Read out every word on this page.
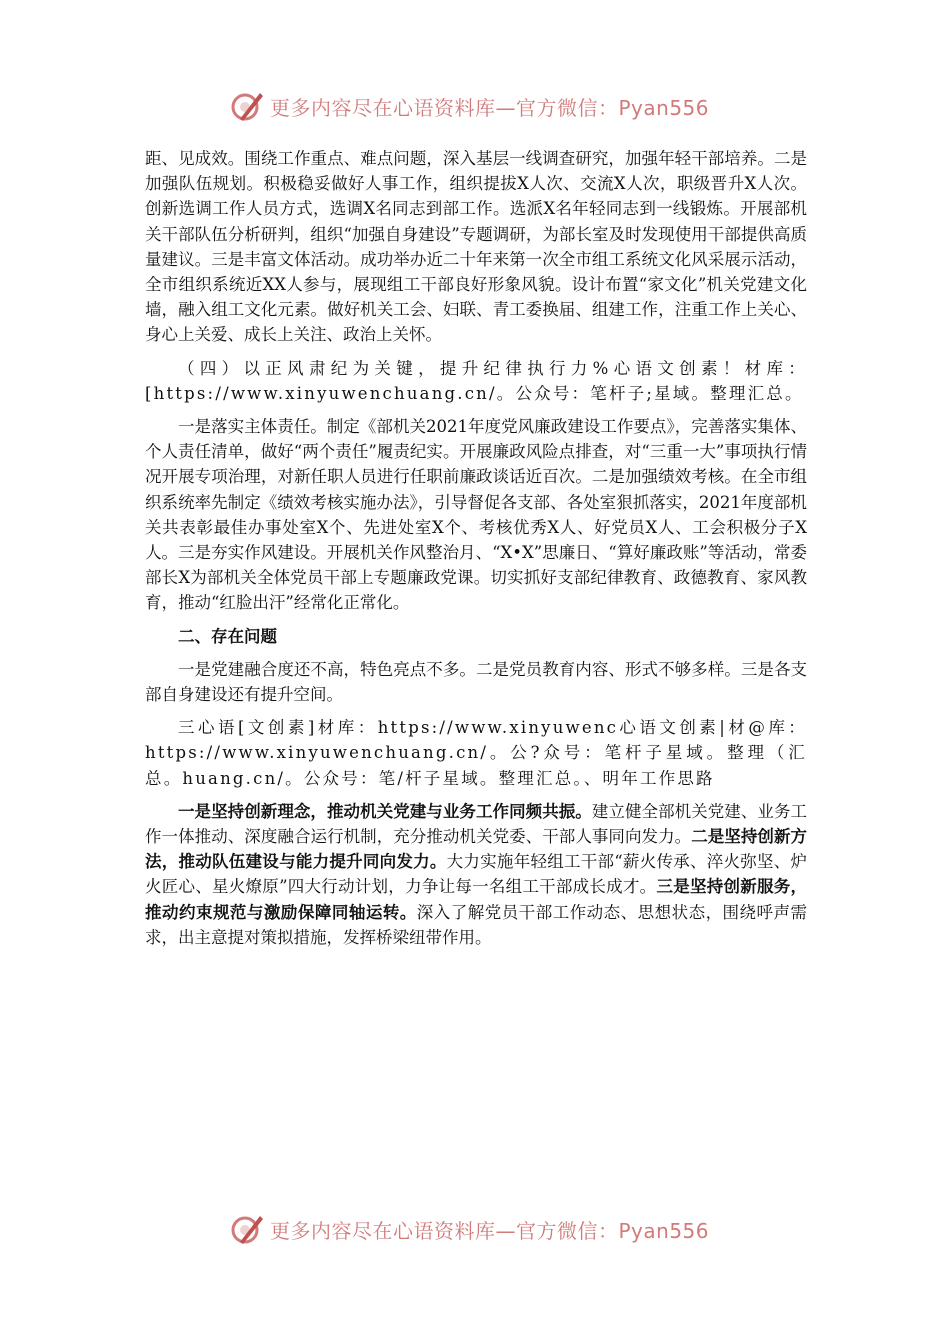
更多内容尽在心语资料库—官方微信：Pyan556

距、见成效。围绕工作重点、难点问题，深入基层一线调查研究，加强年轻干部培养。二是加强队伍规划。积极稳妥做好人事工作，组织提拔X人次、交流X人次，职级晋升X人次。创新选调工作人员方式，选调X名同志到部工作。选派X名年轻同志到一线锻炼。开展部机关干部队伍分析研判，组织“加强自身建设”专题调研，为部长室及时发现使用干部提供高质量建议。三是丰富文体活动。成功举办近二十年来第一次全市组工系统文化风采展示活动，全市组织系统近XX人参与，展现组工干部良好形象风貌。设计布置“家文化”机关党建文化墙，融入组工文化元素。做好机关工会、妇联、青工委换届、组建工作，注重工作上关心、身心上关爱、成长上关注、政治上关怀。

（四）以正风肃纪为关键，提升纪律执行力%心语文创素！材库：[https://www.xinyuwenchuang.cn/。公众号：笔杆子;星域。整理汇总。

一是落实主体责任。制定《部机关2021年度党风廉政建设工作要点》，完善落实集体、个人责任清单，做好“两个责任”履责纪实。开展廉政风险点排查，对“三重一大”事项执行情况开展专项治理，对新任职人员进行任职前廉政谈话近百次。二是加强绩效考核。在全市组织系统率先制定《绩效考核实施办法》，引导督促各支部、各处室狠抓落实，2021年度部机关共表彰最佳办事处室X个、先进处室X个、考核优秀X人、好党员X人、工会积极分子X人。三是夯实作风建设。开展机关作风整治月、“X•X”思廉日、“算好廉政账”等活动，常委部长X为部机关全体党员干部上专题廉政党课。切实抓好支部纪律教育、政德教育、家风教育，推动“红脸出汗”经常化正常化。

二、存在问题

一是党建融合度还不高，特色亮点不多。二是党员教育内容、形式不够多样。三是各支部自身建设还有提升空间。

三心语[文创素]材库：https://www.xinyuwenc心语文创素|材@库：https://www.xinyuwenchuang.cn/。公?众号：笔杆子星域。整理（汇总。huang.cn/。公众号：笔/杆子星域。整理汇总。、明年工作思路

一是坚持创新理念，推动机关党建与业务工作同频共振。建立健全部机关党建、业务工作一体推动、深度融合运行机制，充分推动机关党委、干部人事同向发力。二是坚持创新方法，推动队伍建设与能力提升同向发力。大力实施年轻组工干部“薪火传承、淬火弥坚、炉火匠心、星火燎原”四大行动计划，力争让每一名组工干部成长成才。三是坚持创新服务，推动约束规范与激励保障同轴运转。深入了解党员干部工作动态、思想状态，围绕呼声需求，出主意提对策拟措施，发挥桥梁纽带作用。

更多内容尽在心语资料库—官方微信：Pyan556
